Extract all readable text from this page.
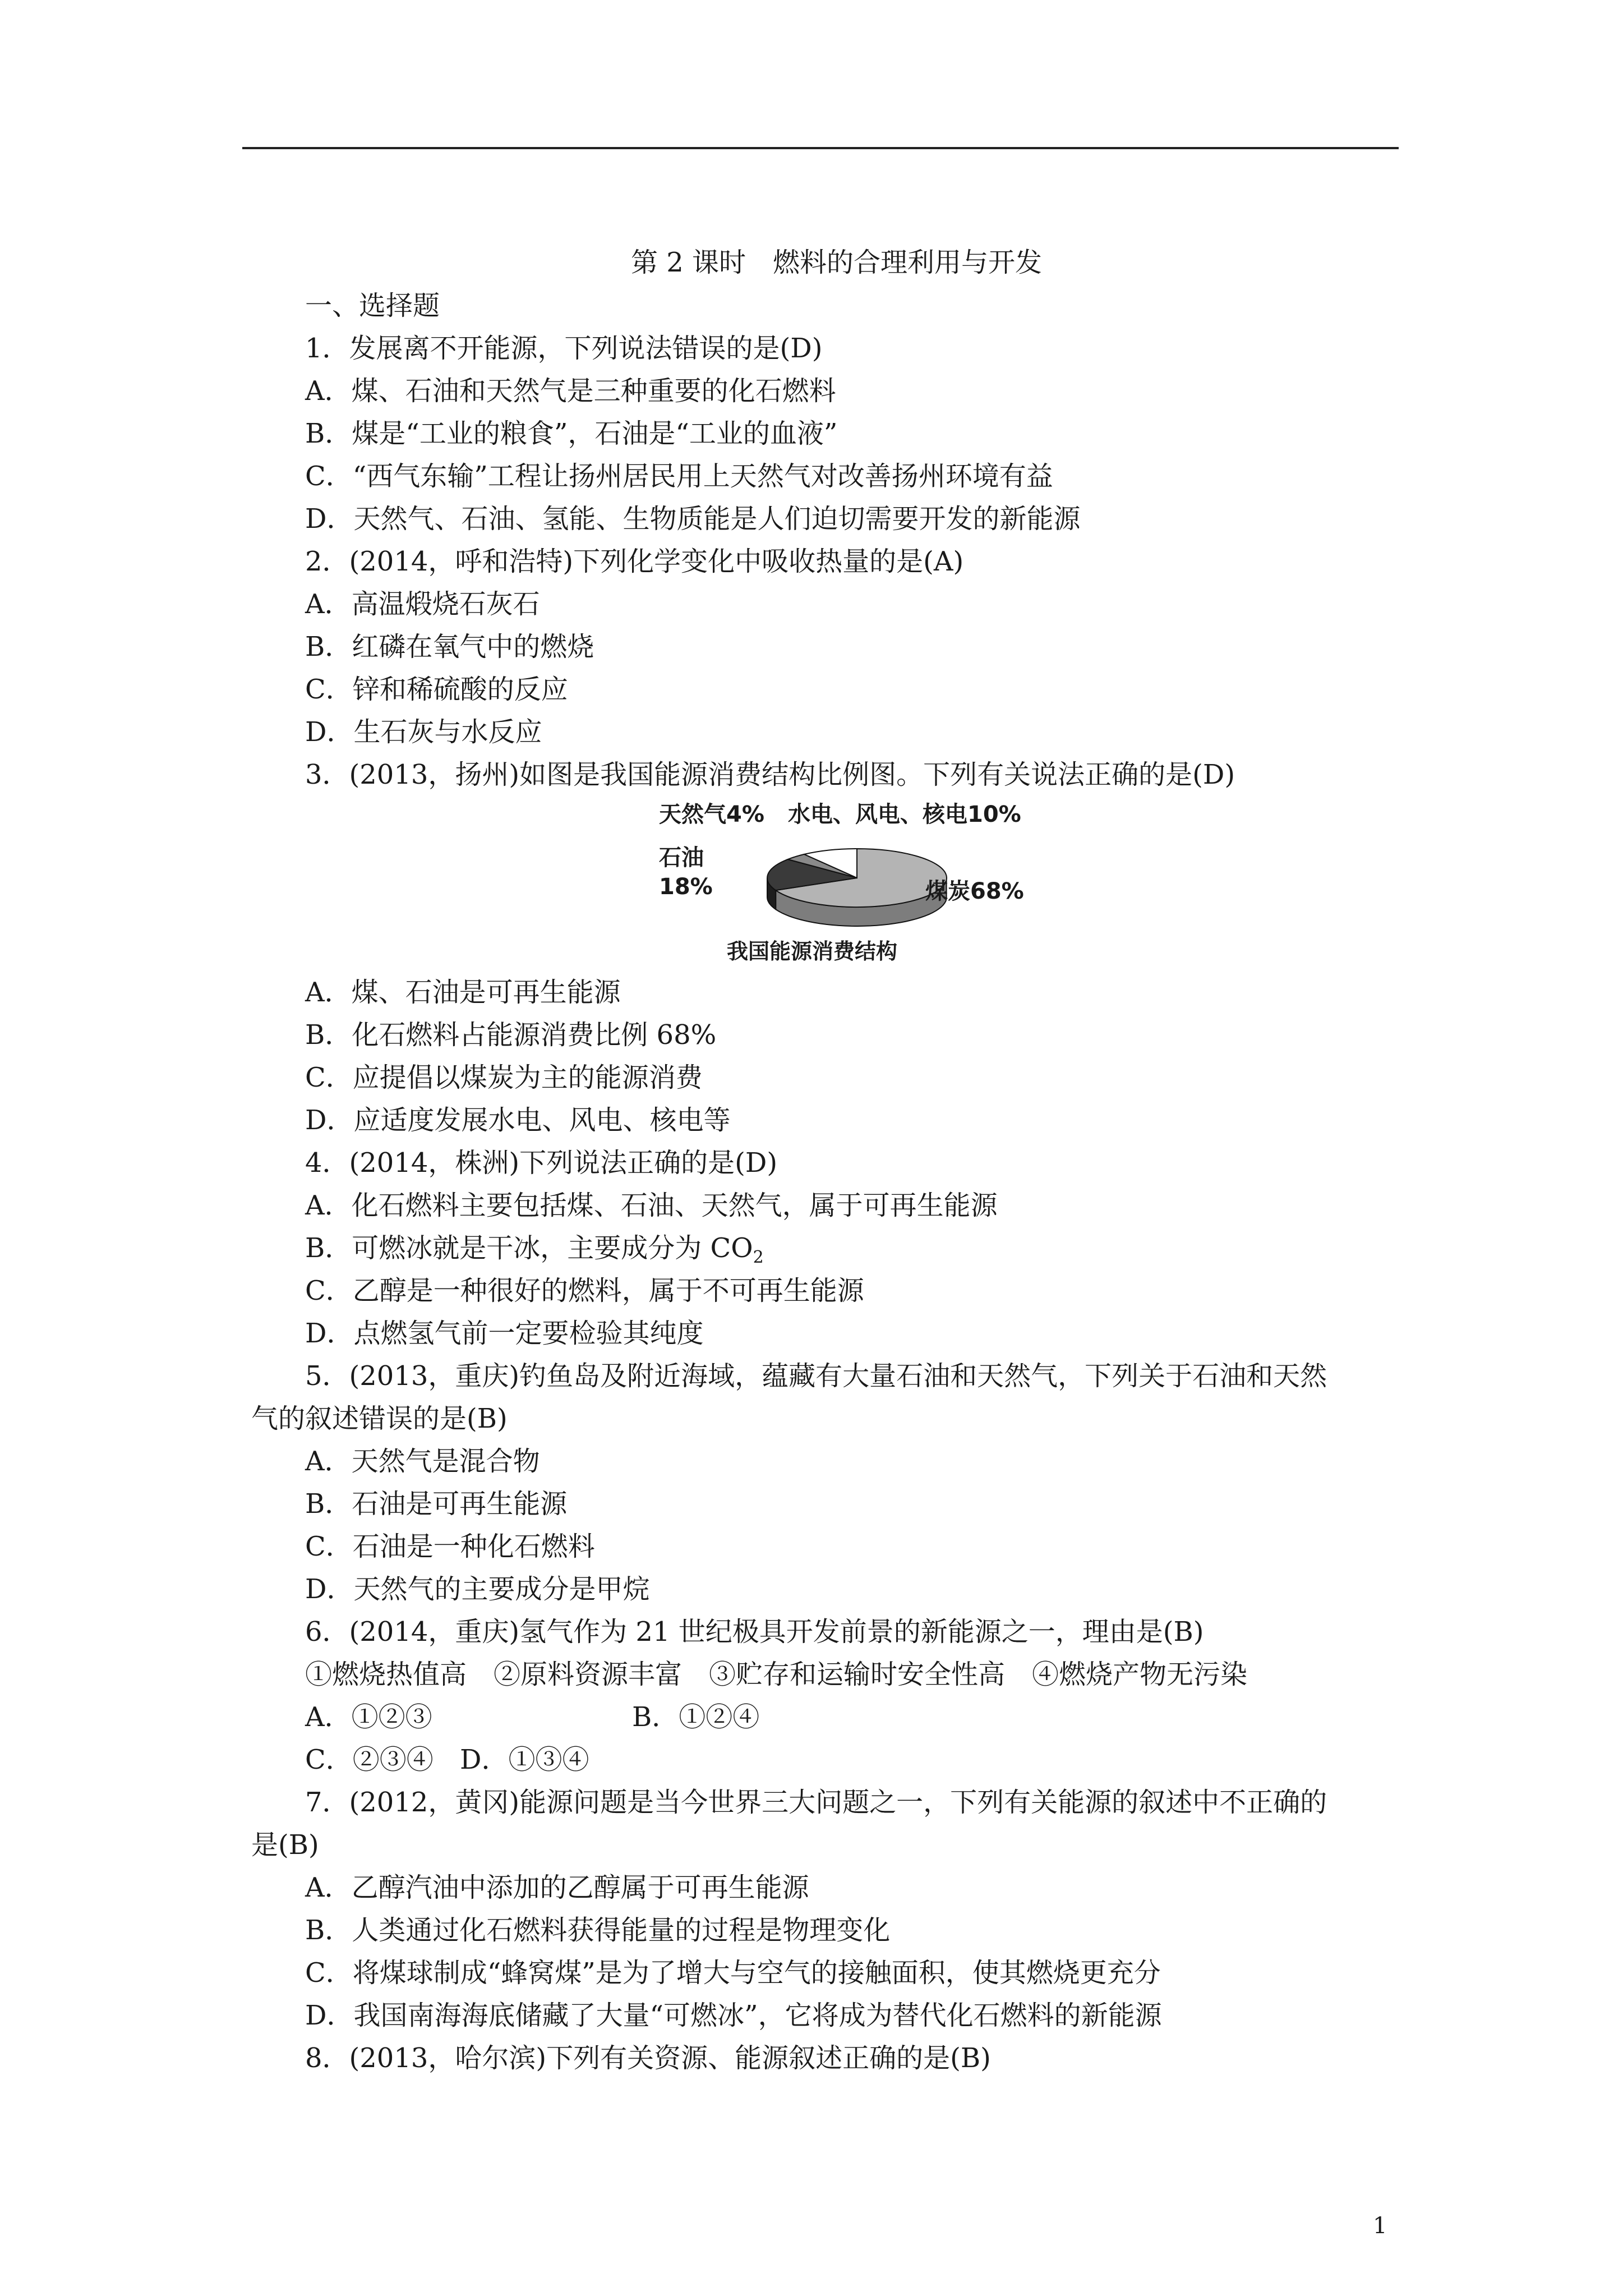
第 2 课时　燃料的合理利用与开发
一、选择题
1．发展离不开能源，下列说法错误的是(D)
A．煤、石油和天然气是三种重要的化石燃料
B．煤是“工业的粮食”，石油是“工业的血液”
C．“西气东输”工程让扬州居民用上天然气对改善扬州环境有益
D．天然气、石油、氢能、生物质能是人们迫切需要开发的新能源
2．(2014，呼和浩特)下列化学变化中吸收热量的是(A)
A．高温煅烧石灰石
B．红磷在氧气中的燃烧
C．锌和稀硫酸的反应
D．生石灰与水反应
3．(2013，扬州)如图是我国能源消费结构比例图。下列有关说法正确的是(D)
天然气4% 水电、风电、核电10%
石油
18%	煤炭68%
我国能源消费结构
A．煤、石油是可再生能源
B．化石燃料占能源消费比例 68%
C．应提倡以煤炭为主的能源消费
D．应适度发展水电、风电、核电等
4．(2014，株洲)下列说法正确的是(D)
A．化石燃料主要包括煤、石油、天然气，属于可再生能源
B．可燃冰就是干冰，主要成分为 $CO_2$
C．乙醇是一种很好的燃料，属于不可再生能源
D．点燃氢气前一定要检验其纯度
5．(2013，重庆)钓鱼岛及附近海域，蕴藏有大量石油和天然气，下列关于石油和天然
气的叙述错误的是(B)
A．天然气是混合物
B．石油是可再生能源
C．石油是一种化石燃料
D．天然气的主要成分是甲烷
6．(2014，重庆)氢气作为 21 世纪极具开发前景的新能源之一，理由是(B)
①燃烧热值高　②原料资源丰富　③贮存和运输时安全性高　④燃烧产物无污染
A．①②③	B．①②④
C．②③④ D．①③④
7．(2012，黄冈)能源问题是当今世界三大问题之一，下列有关能源的叙述中不正确的
是(B)
A．乙醇汽油中添加的乙醇属于可再生能源
B．人类通过化石燃料获得能量的过程是物理变化
C．将煤球制成“蜂窝煤”是为了增大与空气的接触面积，使其燃烧更充分
D．我国南海海底储藏了大量“可燃冰”，它将成为替代化石燃料的新能源
8．(2013，哈尔滨)下列有关资源、能源叙述正确的是(B)
1
